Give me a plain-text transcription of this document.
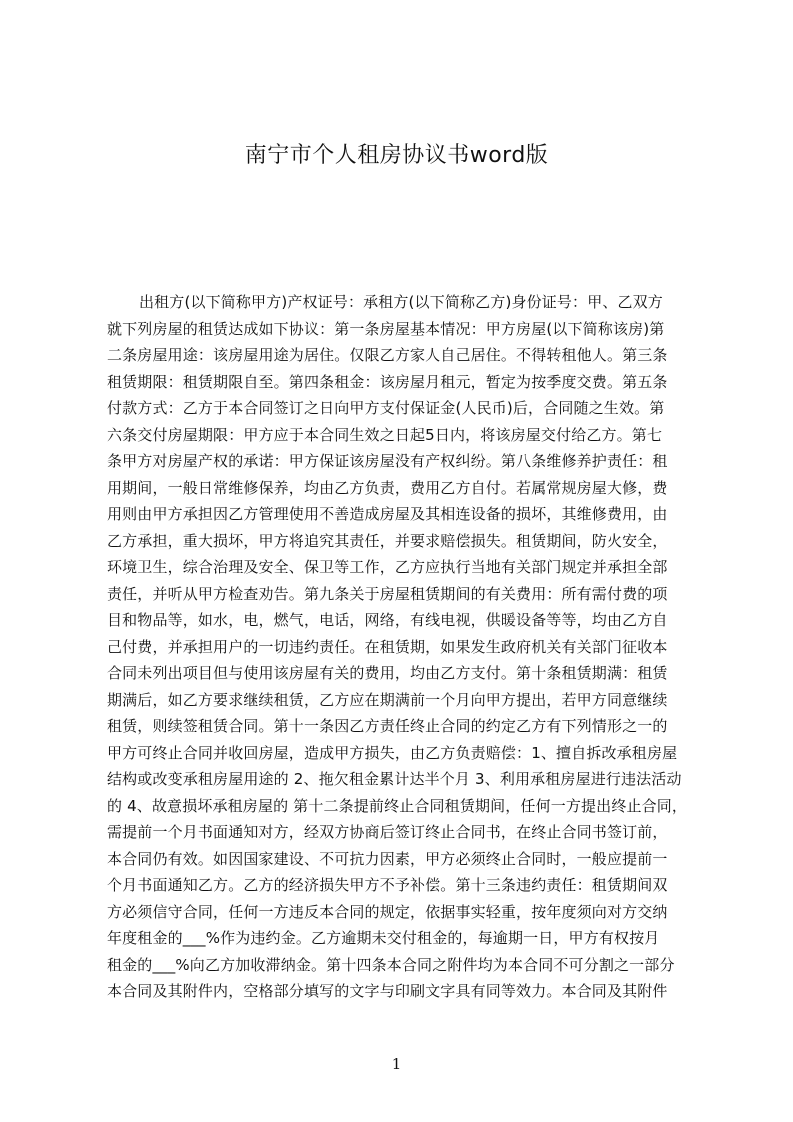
南宁市个人租房协议书word版
出租方(以下简称甲方)产权证号：承租方(以下简称乙方)身份证号：甲、乙双方
就下列房屋的租赁达成如下协议：第一条房屋基本情况：甲方房屋(以下简称该房)第
二条房屋用途：该房屋用途为居住。仅限乙方家人自己居住。不得转租他人。第三条
租赁期限：租赁期限自至。第四条租金：该房屋月租元，暂定为按季度交费。第五条
付款方式：乙方于本合同签订之日向甲方支付保证金(人民币)后，合同随之生效。第
六条交付房屋期限：甲方应于本合同生效之日起5日内，将该房屋交付给乙方。第七
条甲方对房屋产权的承诺：甲方保证该房屋没有产权纠纷。第八条维修养护责任：租
用期间，一般日常维修保养，均由乙方负责，费用乙方自付。若属常规房屋大修，费
用则由甲方承担因乙方管理使用不善造成房屋及其相连设备的损坏，其维修费用，由
乙方承担，重大损坏，甲方将追究其责任，并要求赔偿损失。租赁期间，防火安全，
环境卫生，综合治理及安全、保卫等工作，乙方应执行当地有关部门规定并承担全部
责任，并听从甲方检查劝告。第九条关于房屋租赁期间的有关费用：所有需付费的项
目和物品等，如水，电，燃气，电话，网络，有线电视，供暖设备等等，均由乙方自
己付费，并承担用户的一切违约责任。在租赁期，如果发生政府机关有关部门征收本
合同未列出项目但与使用该房屋有关的费用，均由乙方支付。第十条租赁期满：租赁
期满后，如乙方要求继续租赁，乙方应在期满前一个月向甲方提出，若甲方同意继续
租赁，则续签租赁合同。第十一条因乙方责任终止合同的约定乙方有下列情形之一的
甲方可终止合同并收回房屋，造成甲方损失，由乙方负责赔偿：1、擅自拆改承租房屋
结构或改变承租房屋用途的 2、拖欠租金累计达半个月 3、利用承租房屋进行违法活动
的 4、故意损坏承租房屋的 第十二条提前终止合同租赁期间，任何一方提出终止合同，
需提前一个月书面通知对方，经双方协商后签订终止合同书，在终止合同书签订前，
本合同仍有效。如因国家建设、不可抗力因素，甲方必须终止合同时，一般应提前一
个月书面通知乙方。乙方的经济损失甲方不予补偿。第十三条违约责任：租赁期间双
方必须信守合同，任何一方违反本合同的规定，依据事实轻重，按年度须向对方交纳
年度租金的___%作为违约金。乙方逾期未交付租金的，每逾期一日，甲方有权按月
租金的___%向乙方加收滞纳金。第十四条本合同之附件均为本合同不可分割之一部分
本合同及其附件内，空格部分填写的文字与印刷文字具有同等效力。本合同及其附件
1
